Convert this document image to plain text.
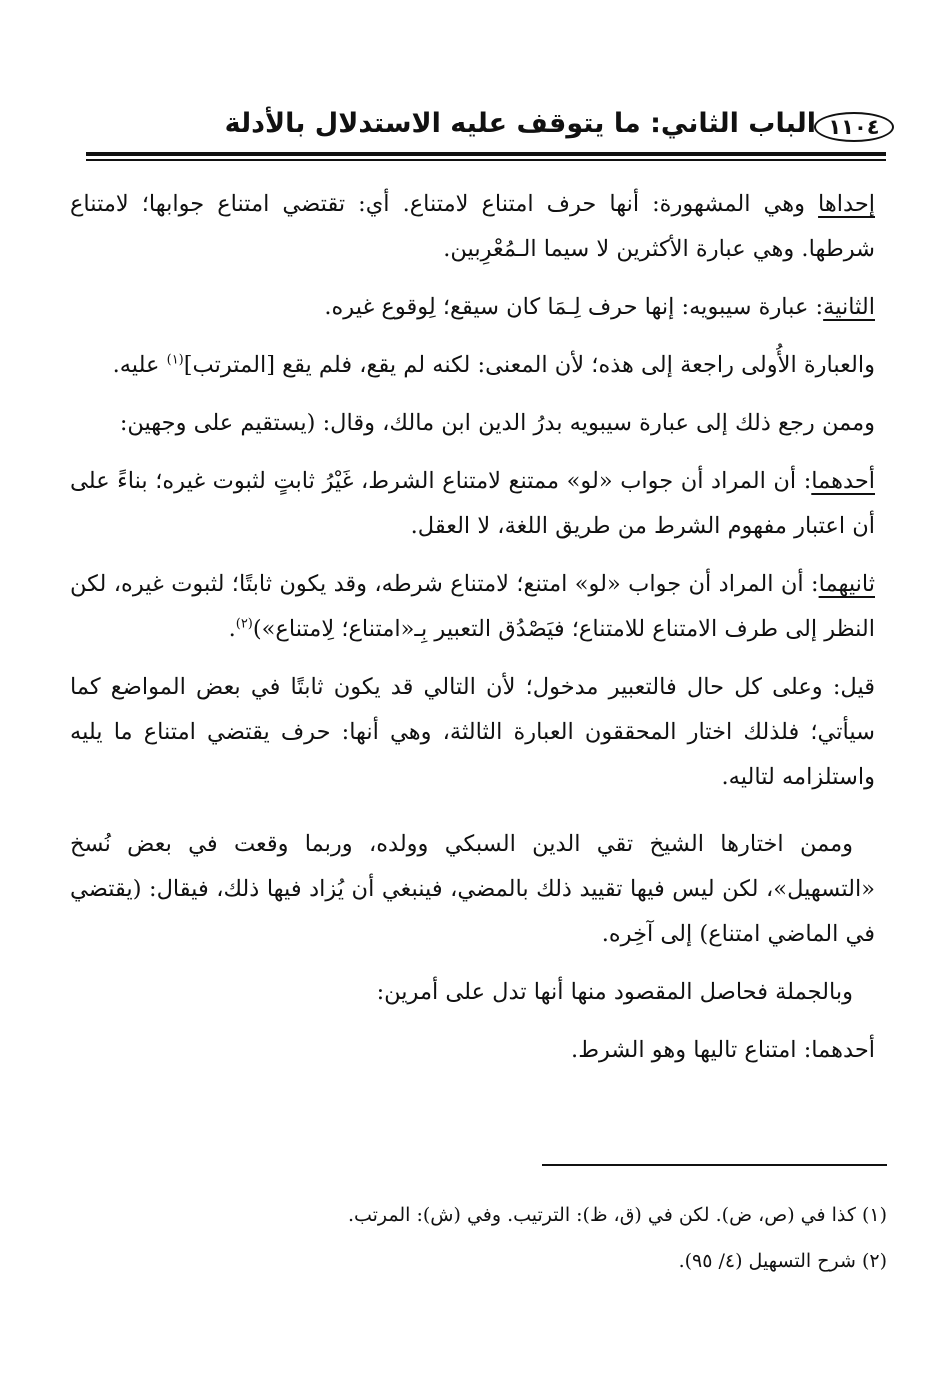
١١٠٤
الباب الثاني: ما يتوقف عليه الاستدلال بالأدلة

إحداها وهي المشهورة: أنها حرف امتناع لامتناع. أي: تقتضي امتناع جوابها؛ لامتناع شرطها. وهي عبارة الأكثرين لا سيما الـمُعْرِبين.

الثانية: عبارة سيبويه: إنها حرف لِـمَا كان سيقع؛ لِوقوع غيره.

والعبارة الأُولى راجعة إلى هذه؛ لأن المعنى: لكنه لم يقع، فلم يقع [المترتب]$^{(١)}$ عليه.

وممن رجع ذلك إلى عبارة سيبويه بدرُ الدين ابن مالك، وقال: (يستقيم على وجهين:

أحدهما: أن المراد أن جواب «لو» ممتنع لامتناع الشرط، غَيْرُ ثابتٍ لثبوت غيره؛ بناءً على أن اعتبار مفهوم الشرط من طريق اللغة، لا العقل.

ثانيهما: أن المراد أن جواب «لو» امتنع؛ لامتناع شرطه، وقد يكون ثابتًا؛ لثبوت غيره، لكن النظر إلى طرف الامتناع للامتناع؛ فيَصْدُق التعبير بِـ«امتناع؛ لِامتناع»)$^{(٢)}$.

قيل: وعلى كل حال فالتعبير مدخول؛ لأن التالي قد يكون ثابتًا في بعض المواضع كما سيأتي؛ فلذلك اختار المحققون العبارة الثالثة، وهي أنها: حرف يقتضي امتناع ما يليه واستلزامه لتاليه.

وممن اختارها الشيخ تقي الدين السبكي وولده، وربما وقعت في بعض نُسخ «التسهيل»، لكن ليس فيها تقييد ذلك بالمضي، فينبغي أن يُزاد فيها ذلك، فيقال: (يقتضي في الماضي امتناع) إلى آخِره.

وبالجملة فحاصل المقصود منها أنها تدل على أمرين:

أحدهما: امتناع تاليها وهو الشرط.

(١) كذا في (ص، ض). لكن في (ق، ظ): الترتيب. وفي (ش): المرتب.

(٢) شرح التسهيل (٤/ ٩٥).
